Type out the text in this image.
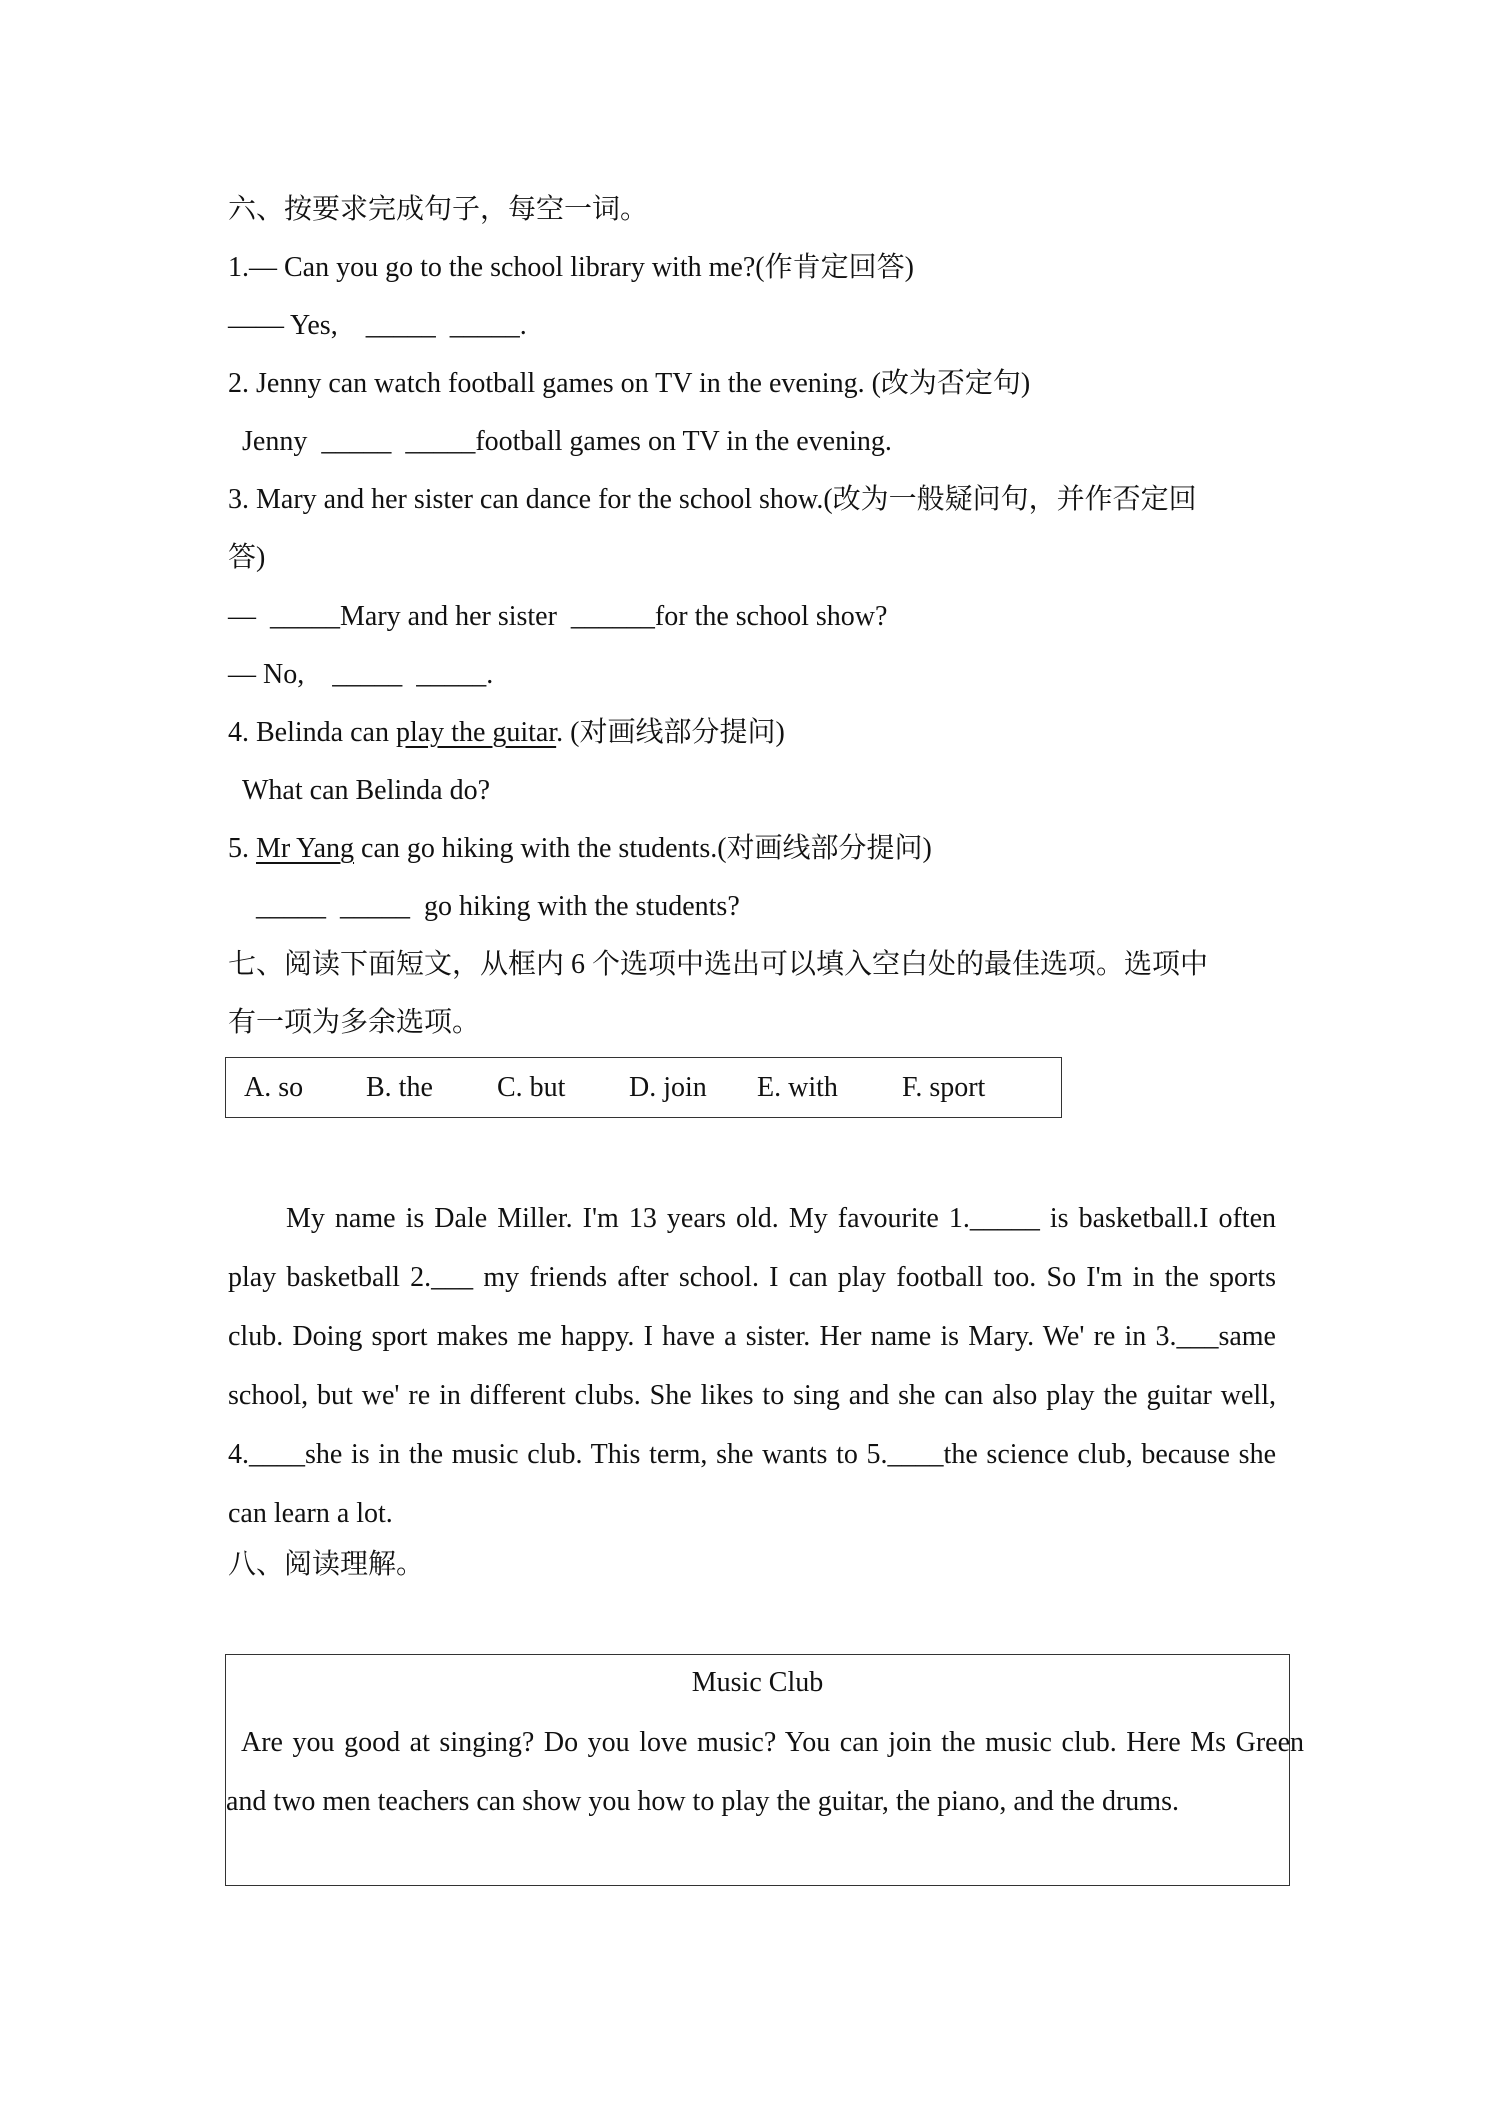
六、按要求完成句子，每空一词。
1.— Can you go to the school library with me?(作肯定回答)
—— Yes,    _____  _____.
2. Jenny can watch football games on TV in the evening. (改为否定句)
Jenny  _____  _____football games on TV in the evening.
3. Mary and her sister can dance for the school show.(改为一般疑问句，并作否定回
答)
—  _____Mary and her sister  ______for the school show?
— No,    _____  _____.
4. Belinda can play the guitar. (对画线部分提问)
What can Belinda do?
5. Mr Yang can go hiking with the students.(对画线部分提问)
_____  _____  go hiking with the students?
七、阅读下面短文，从框内 6 个选项中选出可以填入空白处的最佳选项。选项中
有一项为多余选项。
A. so B. the C. but D. join E. with F. sport
My name is Dale Miller. I'm 13 years old. My favourite 1._____ is basketball.I often play basketball 2.___ my friends after school. I can play football too. So I'm in the sports club. Doing sport makes me happy. I have a sister. Her name is Mary. We' re in 3.___same school, but we' re in different clubs. She likes to sing and she can also play the guitar well, 4.____she is in the music club. This term, she wants to 5.____the science club, because she can learn a lot.
八、阅读理解。
Music Club
Are you good at singing? Do you love music? You can join the music club. Here Ms Green and two men teachers can show you how to play the guitar, the piano, and the drums.
